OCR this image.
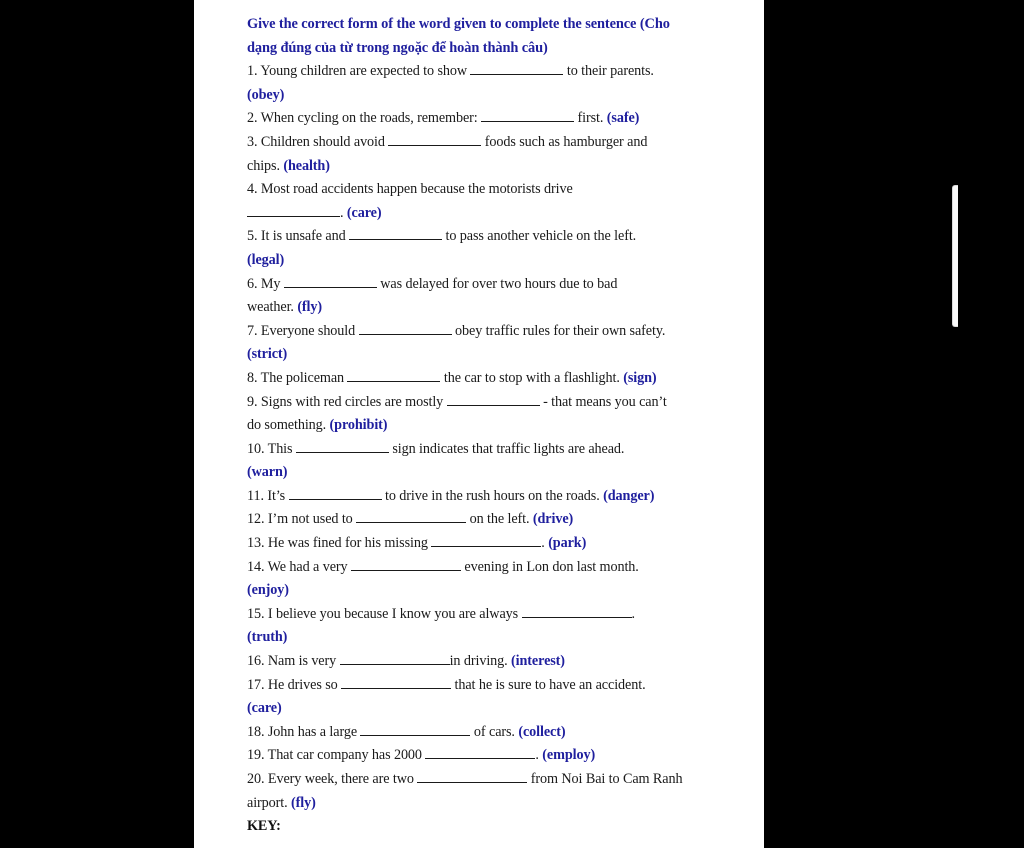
Give the correct form of the word given to complete the sentence (Cho
dạng đúng của từ trong ngoặc để hoàn thành câu)
1. Young children are expected to show	to their parents.
(obey)
2. When cycling on the roads, remember:	first. (safe)
3. Children should avoid	foods such as hamburger and
chips. (health)
4. Most road accidents happen because the motorists drive
. (care)
5. It is unsafe and	to pass another vehicle on the left.
(legal)
6. My	was delayed for over two hours due to bad
weather. (fly)
7. Everyone should	obey traffic rules for their own safety.
(strict)
8. The policeman	the car to stop with a flashlight. (sign)
9. Signs with red circles are mostly	- that means you can’t
do something. (prohibit)
10. This	sign indicates that traffic lights are ahead.
(warn)
11. It’s	to drive in the rush hours on the roads. (danger)
12. I’m not used to	on the left. (drive)
13. He was fined for his missing	. (park)
14. We had a very	evening in Lon don last month.
(enjoy)
15. I believe you because I know you are always	.
(truth)
16. Nam is very	in driving. (interest)
17. He drives so	that he is sure to have an accident.
(care)
18. John has a large	of cars. (collect)
19. That car company has 2000	. (employ)
20. Every week, there are two	from Noi Bai to Cam Ranh
airport. (fly)
KEY:
